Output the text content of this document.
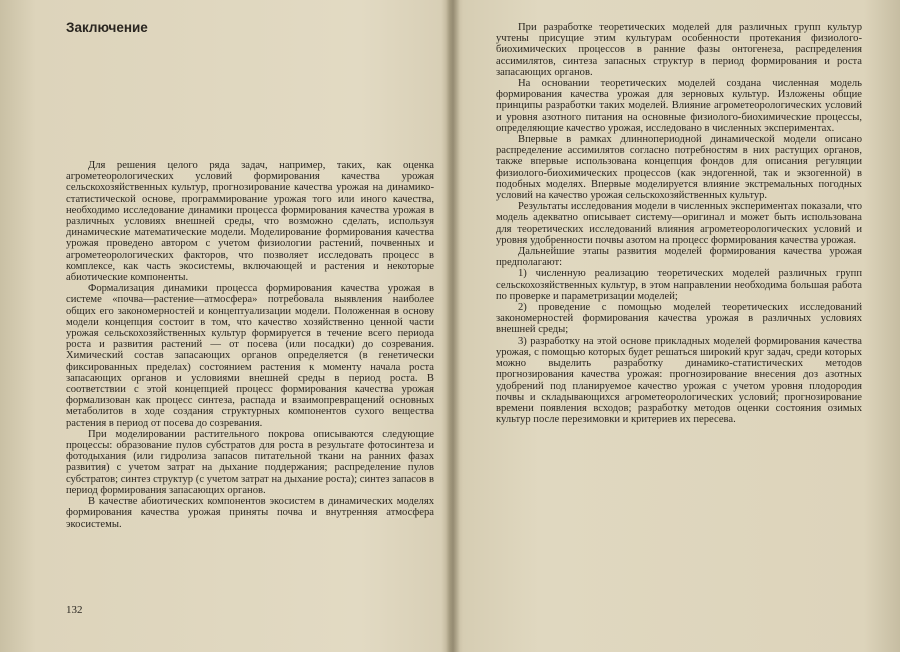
Заключение

Для решения целого ряда задач, например, таких, как оценка агрометеорологических условий формирования качества урожая сельскохозяйственных культур, прогнозирование качества урожая на динамико-статистической основе, программирование урожая того или иного качества, необходимо исследование динамики процесса формирования качества урожая в различных условиях внешней среды, что возможно сделать, используя динамические математические модели. Моделирование формирования качества урожая проведено автором с учетом физиологии растений, почвенных и агрометеорологических факторов, что позволяет исследовать процесс в комплексе, как часть экосистемы, включающей и растения и некоторые абиотические компоненты.

Формализация динамики процесса формирования качества урожая в системе «почва—растение—атмосфера» потребовала выявления наиболее общих его закономерностей и концептуализации модели. Положенная в основу модели концепция состоит в том, что качество хозяйственно ценной части урожая сельскохозяйственных культур формируется в течение всего периода роста и развития растений — от посева (или посадки) до созревания. Химический состав запасающих органов определяется (в генетически фиксированных пределах) состоянием растения к моменту начала роста запасающих органов и условиями внешней среды в период роста. В соответствии с этой концепцией процесс формирования качества урожая формализован как процесс синтеза, распада и взаимопревращений основных метаболитов в ходе создания структурных компонентов сухого вещества растения в период от посева до созревания.

При моделировании растительного покрова описываются следующие процессы: образование пулов субстратов для роста в результате фотосинтеза и фотодыхания (или гидролиза запасов питательной ткани на ранних фазах развития) с учетом затрат на дыхание поддержания; распределение пулов субстратов; синтез структур (с учетом затрат на дыхание роста); синтез запасов в период формирования запасающих органов.

В качестве абиотических компонентов экосистем в динамических моделях формирования качества урожая приняты почва и внутренняя атмосфера экосистемы.

132

При разработке теоретических моделей для различных групп культур учтены присущие этим культурам особенности протекания физиолого-биохимических процессов в ранние фазы онтогенеза, распределения ассимилятов, синтеза запасных структур в период формирования и роста запасающих органов.

На основании теоретических моделей создана численная модель формирования качества урожая для зерновых культур. Изложены общие принципы разработки таких моделей. Влияние агрометеорологических условий и уровня азотного питания на основные физиолого-биохимические процессы, определяющие качество урожая, исследовано в численных экспериментах.

Впервые в рамках длиннопериодной динамической модели описано распределение ассимилятов согласно потребностям в них растущих органов, также впервые использована концепция фондов для описания регуляции физиолого-биохимических процессов (как эндогенной, так и экзогенной) в подобных моделях. Впервые моделируется влияние экстремальных погодных условий на качество урожая сельскохозяйственных культур.

Результаты исследования модели в численных экспериментах показали, что модель адекватно описывает систему—оригинал и может быть использована для теоретических исследований влияния агрометеорологических условий и уровня удобренности почвы азотом на процесс формирования качества урожая.

Дальнейшие этапы развития моделей формирования качества урожая предполагают:

1) численную реализацию теоретических моделей различных групп сельскохозяйственных культур, в этом направлении необходима большая работа по проверке и параметризации моделей;

2) проведение с помощью моделей теоретических исследований закономерностей формирования качества урожая в различных условиях внешней среды;

3) разработку на этой основе прикладных моделей формирования качества урожая, с помощью которых будет решаться широкий круг задач, среди которых можно выделить разработку динамико-статистических методов прогнозирования качества урожая: прогнозирование внесения доз азотных удобрений под планируемое качество урожая с учетом уровня плодородия почвы и складывающихся агрометеорологических условий; прогнозирование времени появления всходов; разработку методов оценки состояния озимых культур после перезимовки и критериев их пересева.
